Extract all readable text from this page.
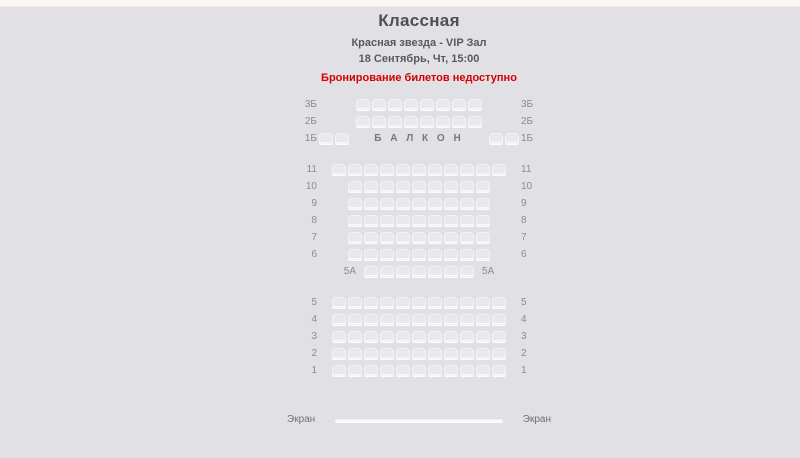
Классная
Красная звезда - VIP Зал
18 Сентябрь, Чт, 15:00
Бронирование билетов недоступно
3Б	3Б
2Б	2Б
1Б	Б А Л К О Н	1Б
11	11
10	10
9	9
8	8
7	7
6	6
5А	5А
5	5
4	4
3	3
2	2
1	1
Экран	Экран
